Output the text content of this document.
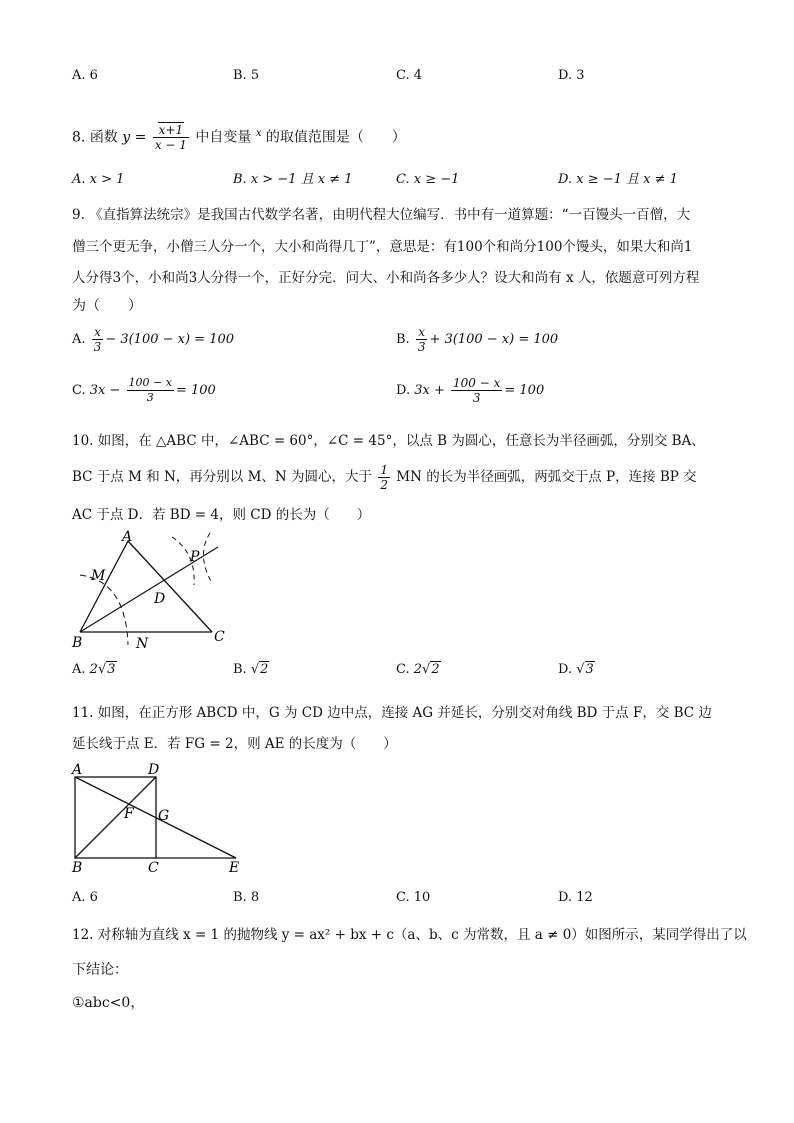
A. 6	B. 5	C. 4	D. 3
8. 函数 $y = \frac{x+1}{x - 1}$ 中自变量 $^x$ 的取值范围是（　　）
A. x > 1	B. x > −1 且 x ≠ 1	C. x ≥ −1	D. x ≥ −1 且 x ≠ 1
9. 《直指算法统宗》是我国古代数学名著，由明代程大位编写．书中有一道算题：“一百馒头一百僧，大
僧三个更无争，小僧三人分一个，大小和尚得几丁”，意思是：有100个和尚分100个馒头，如果大和尚1
人分得3个，小和尚3人分得一个，正好分完．问大、小和尚各多少人？设大和尚有 x 人，依题意可列方程
为（　　）
A. $\frac{x}{3} - 3(100 - x) = 100$	B. $\frac{x}{3} + 3(100 - x) = 100$
C. $3x - \frac{100 - x}{3} = 100$	D. $3x + \frac{100 - x}{3} = 100$
10. 如图，在 △ABC 中，∠ABC = 60°，∠C = 45°，以点 B 为圆心，任意长为半径画弧，分别交 BA、
BC 于点 M 和 N，再分别以 M、N 为圆心，大于 $\frac{1}{2}$ MN 的长为半径画弧，两弧交于点 P，连接 BP 交
AC 于点 D．若 BD = 4，则 CD 的长为（　　）
A
B	C
D
M
N
P
A. 2√3	B. √2	C. 2√2	D. √3
11. 如图，在正方形 ABCD 中，G 为 CD 边中点，连接 AG 并延长，分别交对角线 BD 于点 F，交 BC 边
延长线于点 E．若 FG = 2，则 AE 的长度为（　　）
A	D
B	C	E
F G
A. 6	B. 8	C. 10	D. 12
12. 对称轴为直线 x = 1 的抛物线 y = ax² + bx + c（a、b、c 为常数，且 a ≠ 0）如图所示，某同学得出了以
下结论：
①abc<0，
